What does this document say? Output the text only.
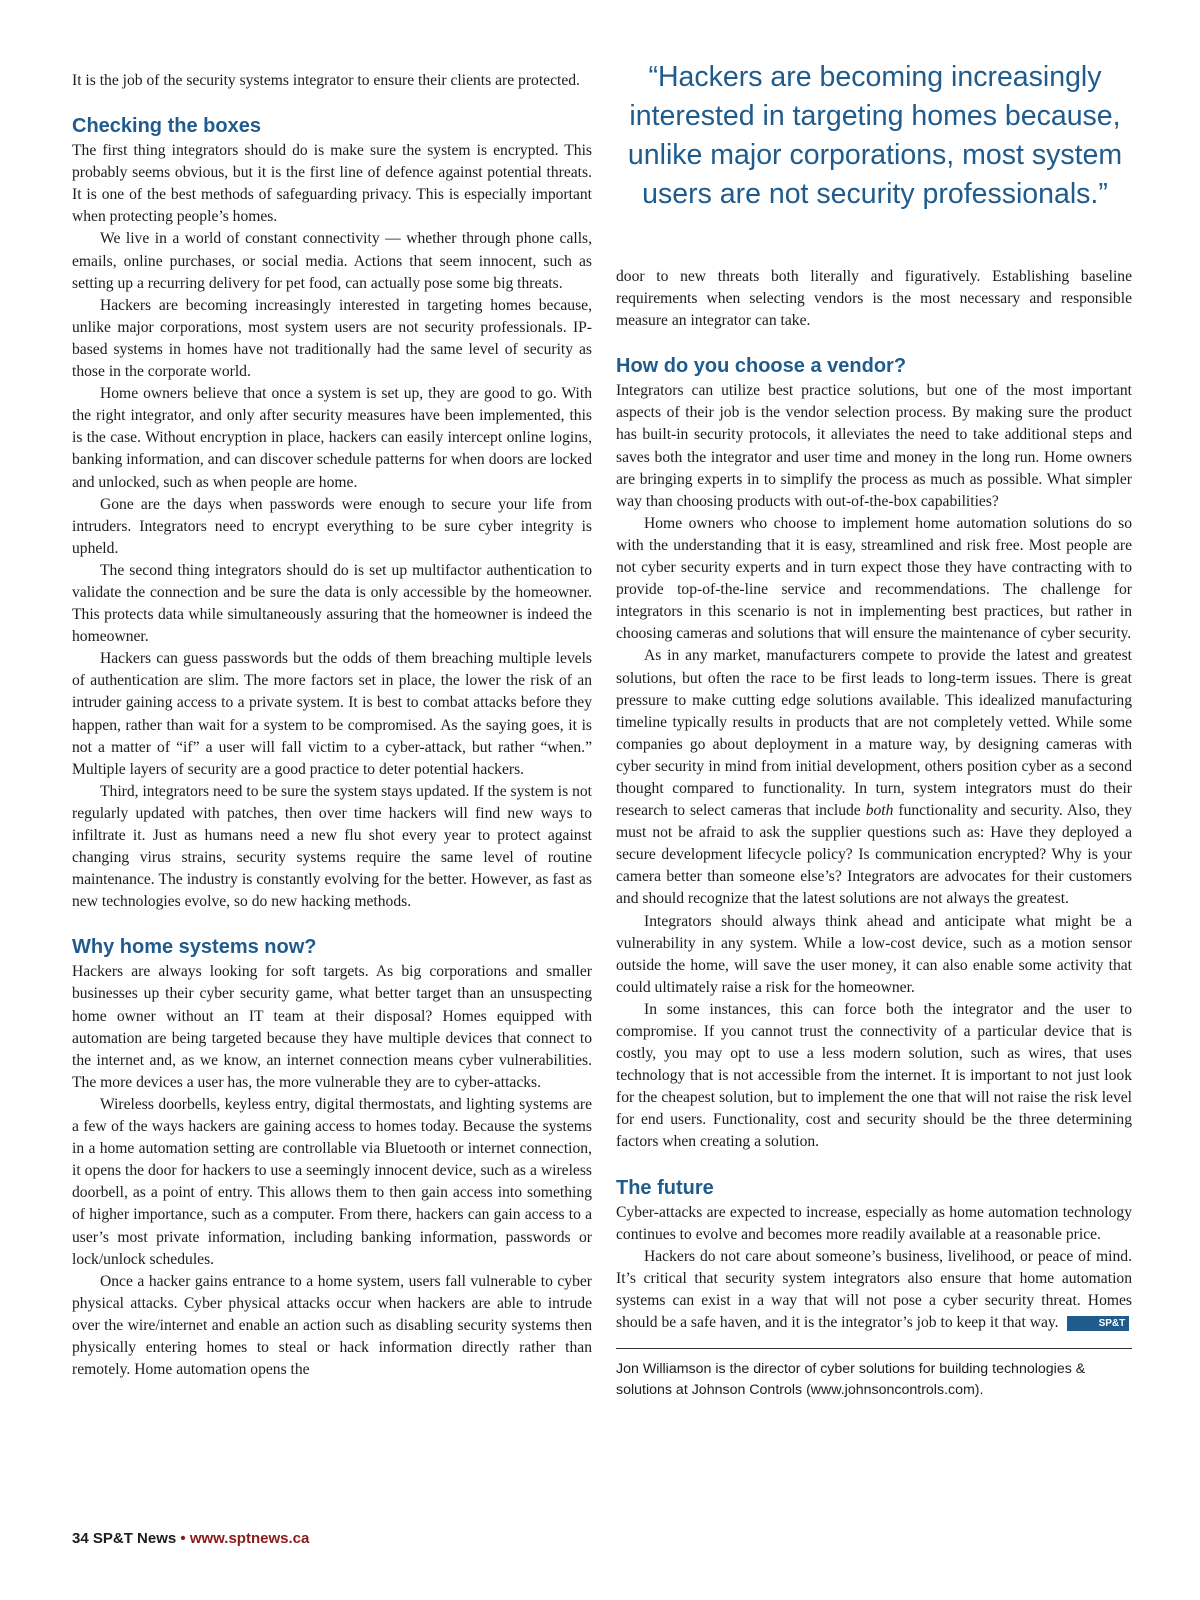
“Hackers are becoming increasingly interested in targeting homes because, unlike major corporations, most system users are not security professionals.”

It is the job of the security systems integrator to ensure their clients are protected.

Checking the boxes

The first thing integrators should do is make sure the system is encrypted. This probably seems obvious, but it is the first line of defence against potential threats. It is one of the best methods of safeguarding privacy. This is especially important when protecting people’s homes.

We live in a world of constant connectivity — whether through phone calls, emails, online purchases, or social media. Actions that seem innocent, such as setting up a recurring delivery for pet food, can actually pose some big threats.

Hackers are becoming increasingly interested in targeting homes because, unlike major corporations, most system users are not security professionals. IP-based systems in homes have not traditionally had the same level of security as those in the corporate world.

Home owners believe that once a system is set up, they are good to go. With the right integrator, and only after security measures have been implemented, this is the case. Without encryption in place, hackers can easily intercept online logins, banking information, and can discover schedule patterns for when doors are locked and unlocked, such as when people are home.

Gone are the days when passwords were enough to secure your life from intruders. Integrators need to encrypt everything to be sure cyber integrity is upheld.

The second thing integrators should do is set up multifactor authentication to validate the connection and be sure the data is only accessible by the homeowner. This protects data while simultaneously assuring that the homeowner is indeed the homeowner.

Hackers can guess passwords but the odds of them breaching multiple levels of authentication are slim. The more factors set in place, the lower the risk of an intruder gaining access to a private system. It is best to combat attacks before they happen, rather than wait for a system to be compromised. As the saying goes, it is not a matter of “if” a user will fall victim to a cyber-attack, but rather “when.” Multiple layers of security are a good practice to deter potential hackers.

Third, integrators need to be sure the system stays updated. If the system is not regularly updated with patches, then over time hackers will find new ways to infiltrate it. Just as humans need a new flu shot every year to protect against changing virus strains, security systems require the same level of routine maintenance. The industry is constantly evolving for the better. However, as fast as new technologies evolve, so do new hacking methods.

Why home systems now?

Hackers are always looking for soft targets. As big corporations and smaller businesses up their cyber security game, what better target than an unsuspecting home owner without an IT team at their disposal? Homes equipped with automation are being targeted because they have multiple devices that connect to the internet and, as we know, an internet connection means cyber vulnerabilities. The more devices a user has, the more vulnerable they are to cyber-attacks.

Wireless doorbells, keyless entry, digital thermostats, and lighting systems are a few of the ways hackers are gaining access to homes today. Because the systems in a home automation setting are controllable via Bluetooth or internet connection, it opens the door for hackers to use a seemingly innocent device, such as a wireless doorbell, as a point of entry. This allows them to then gain access into something of higher importance, such as a computer. From there, hackers can gain access to a user’s most private information, including banking information, passwords or lock/unlock schedules.

Once a hacker gains entrance to a home system, users fall vulnerable to cyber physical attacks. Cyber physical attacks occur when hackers are able to intrude over the wire/internet and enable an action such as disabling security systems then physically entering homes to steal or hack information directly rather than remotely. Home automation opens the

door to new threats both literally and figuratively. Establishing baseline requirements when selecting vendors is the most necessary and responsible measure an integrator can take.

How do you choose a vendor?

Integrators can utilize best practice solutions, but one of the most important aspects of their job is the vendor selection process. By making sure the product has built-in security protocols, it alleviates the need to take additional steps and saves both the integrator and user time and money in the long run. Home owners are bringing experts in to simplify the process as much as possible. What simpler way than choosing products with out-of-the-box capabilities?

Home owners who choose to implement home automation solutions do so with the understanding that it is easy, streamlined and risk free. Most people are not cyber security experts and in turn expect those they have contracting with to provide top-of-the-line service and recommendations. The challenge for integrators in this scenario is not in implementing best practices, but rather in choosing cameras and solutions that will ensure the maintenance of cyber security.

As in any market, manufacturers compete to provide the latest and greatest solutions, but often the race to be first leads to long-term issues. There is great pressure to make cutting edge solutions available. This idealized manufacturing timeline typically results in products that are not completely vetted. While some companies go about deployment in a mature way, by designing cameras with cyber security in mind from initial development, others position cyber as a second thought compared to functionality. In turn, system integrators must do their research to select cameras that include both functionality and security. Also, they must not be afraid to ask the supplier questions such as: Have they deployed a secure development lifecycle policy? Is communication encrypted? Why is your camera better than someone else’s? Integrators are advocates for their customers and should recognize that the latest solutions are not always the greatest.

Integrators should always think ahead and anticipate what might be a vulnerability in any system. While a low-cost device, such as a motion sensor outside the home, will save the user money, it can also enable some activity that could ultimately raise a risk for the homeowner.

In some instances, this can force both the integrator and the user to compromise. If you cannot trust the connectivity of a particular device that is costly, you may opt to use a less modern solution, such as wires, that uses technology that is not accessible from the internet. It is important to not just look for the cheapest solution, but to implement the one that will not raise the risk level for end users. Functionality, cost and security should be the three determining factors when creating a solution.

The future

Cyber-attacks are expected to increase, especially as home automation technology continues to evolve and becomes more readily available at a reasonable price.

Hackers do not care about someone’s business, livelihood, or peace of mind. It’s critical that security system integrators also ensure that home automation systems can exist in a way that will not pose a cyber security threat. Homes should be a safe haven, and it is the integrator’s job to keep it that way.	SP&T

Jon Williamson is the director of cyber solutions for building technologies & solutions at Johnson Controls (www.johnsoncontrols.com).

34 SP&T News • www.sptnews.ca
